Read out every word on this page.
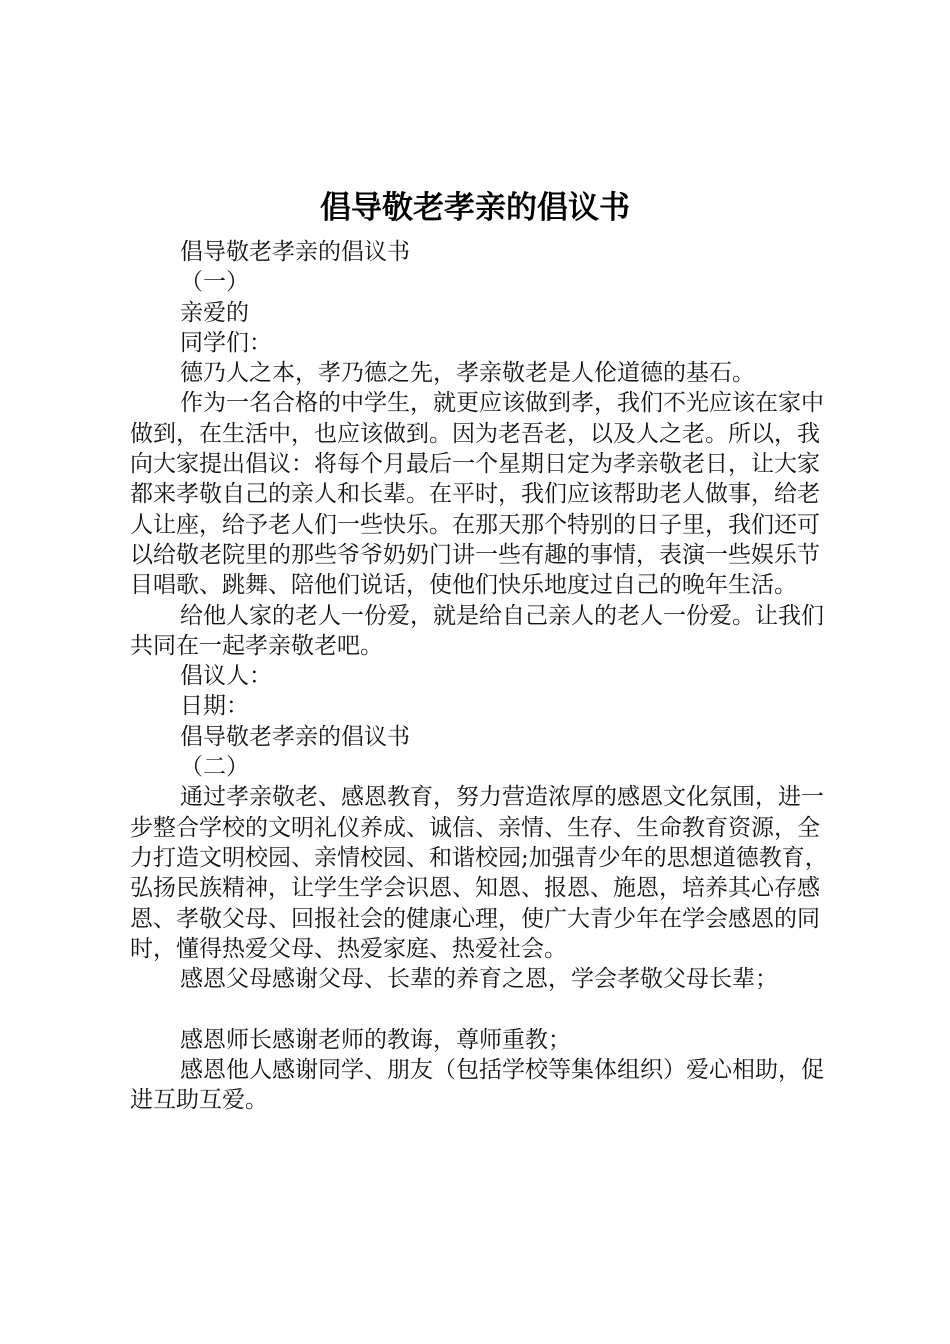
倡导敬老孝亲的倡议书

倡导敬老孝亲的倡议书

（一）

亲爱的

同学们：

德乃人之本，孝乃德之先，孝亲敬老是人伦道德的基石。

作为一名合格的中学生，就更应该做到孝，我们不光应该在家中做到，在生活中，也应该做到。因为老吾老，以及人之老。所以，我向大家提出倡议：将每个月最后一个星期日定为孝亲敬老日，让大家都来孝敬自己的亲人和长辈。在平时，我们应该帮助老人做事，给老人让座，给予老人们一些快乐。在那天那个特别的日子里，我们还可以给敬老院里的那些爷爷奶奶门讲一些有趣的事情，表演一些娱乐节目唱歌、跳舞、陪他们说话，使他们快乐地度过自己的晚年生活。

给他人家的老人一份爱，就是给自己亲人的老人一份爱。让我们共同在一起孝亲敬老吧。

倡议人：

日期：

倡导敬老孝亲的倡议书

（二）

通过孝亲敬老、感恩教育，努力营造浓厚的感恩文化氛围，进一步整合学校的文明礼仪养成、诚信、亲情、生存、生命教育资源，全力打造文明校园、亲情校园、和谐校园;加强青少年的思想道德教育，弘扬民族精神，让学生学会识恩、知恩、报恩、施恩，培养其心存感恩、孝敬父母、回报社会的健康心理，使广大青少年在学会感恩的同时，懂得热爱父母、热爱家庭、热爱社会。

感恩父母感谢父母、长辈的养育之恩，学会孝敬父母长辈；

感恩师长感谢老师的教诲，尊师重教；

感恩他人感谢同学、朋友（包括学校等集体组织）爱心相助，促进互助互爱。
